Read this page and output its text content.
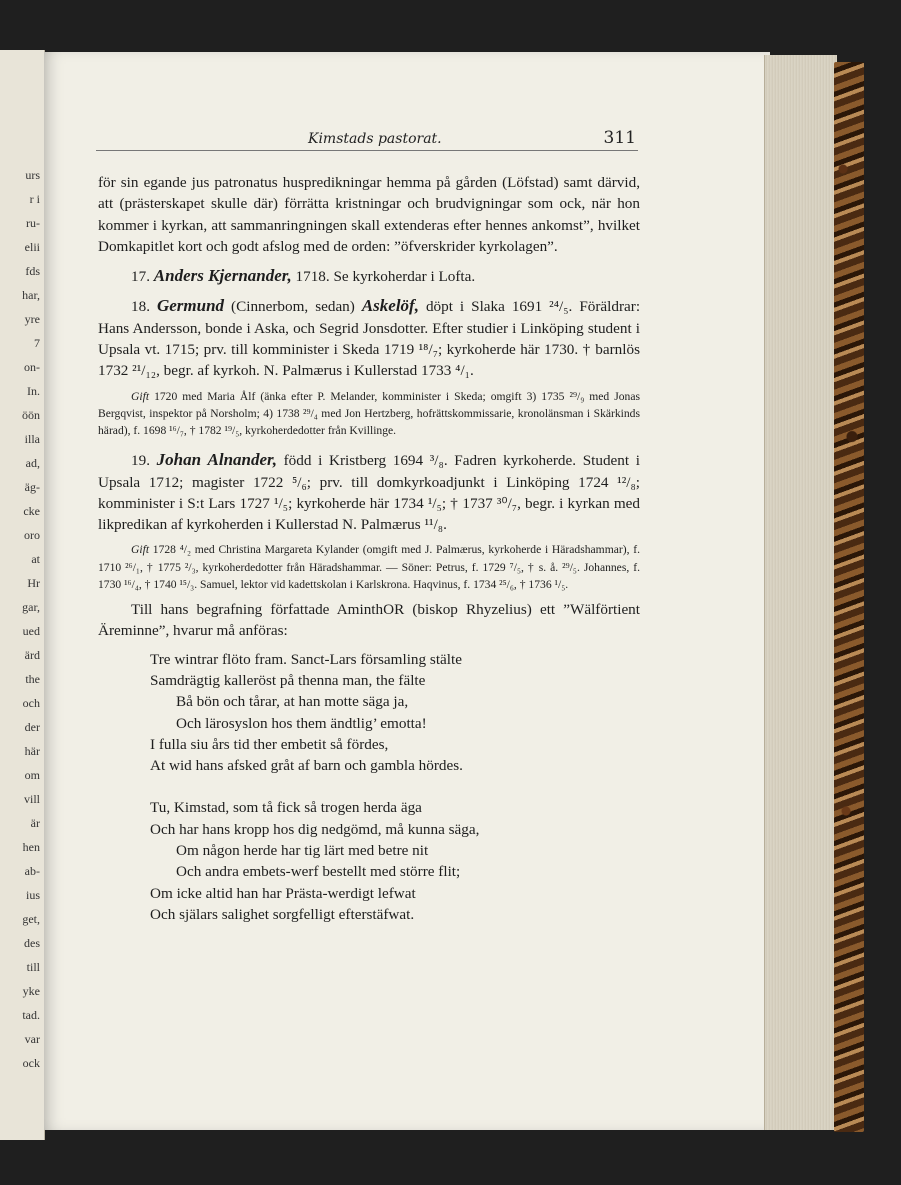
urs
r i
ru-
elii
fds
har,
yre
7
on-
In.
öön
illa
ad,
äg-
cke
oro
at
Hr
gar,
ued
ärd
the
och
der
här
om
vill
är
hen
ab-
ius
get,
des
till
yke
tad.
var
ock
Kimstads pastorat.	311

för sin egande jus patronatus huspredikningar hemma på gården (Löfstad) samt därvid, att (prästerskapet skulle där) förrätta kristningar och brudvigningar som ock, när hon kommer i kyrkan, att sammanringningen skall extenderas efter hennes ankomst”, hvilket Domkapitlet kort och godt afslog med de orden: ”öfverskrider kyrkolagen”.

17. Anders Kjernander, 1718. Se kyrkoherdar i Lofta.

18. Germund (Cinnerbom, sedan) Askelöf, döpt i Slaka 1691 ²⁴/₅. Föräldrar: Hans Andersson, bonde i Aska, och Segrid Jonsdotter. Efter studier i Linköping student i Upsala vt. 1715; prv. till komminister i Skeda 1719 ¹⁸/₇; kyrkoherde här 1730. † barnlös 1732 ²¹/₁₂, begr. af kyrkoh. N. Palmærus i Kullerstad 1733 ⁴/₁.

Gift 1720 med Maria Ålf (änka efter P. Melander, komminister i Skeda; omgift 3) 1735 ²⁹/₉ med Jonas Bergqvist, inspektor på Norsholm; 4) 1738 ²⁹/₄ med Jon Hertzberg, hofrättskommissarie, kronolänsman i Skärkinds härad), f. 1698 ¹⁶/₇, † 1782 ¹⁹/₅, kyrkoherdedotter från Kvillinge.

19. Johan Alnander, född i Kristberg 1694 ³/₈. Fadren kyrkoherde. Student i Upsala 1712; magister 1722 ⁵/₆; prv. till domkyrkoadjunkt i Linköping 1724 ¹²/₈; komminister i S:t Lars 1727 ¹/₅; kyrkoherde här 1734 ¹/₅; † 1737 ³⁰/₇, begr. i kyrkan med likpredikan af kyrkoherden i Kullerstad N. Palmærus ¹¹/₈.

Gift 1728 ⁴/₂ med Christina Margareta Kylander (omgift med J. Palmærus, kyrkoherde i Häradshammar), f. 1710 ²⁶/₁, † 1775 ²/₃, kyrkoherdedotter från Häradshammar. — Söner: Petrus, f. 1729 ⁷/₅, † s. å. ²⁹/₅. Johannes, f. 1730 ¹⁶/₄, † 1740 ¹⁵/₃. Samuel, lektor vid kadettskolan i Karlskrona. Haqvinus, f. 1734 ²⁵/₆, † 1736 ¹/₅.

Till hans begrafning författade AminthOR (biskop Rhyzelius) ett ”Wälförtient Äreminne”, hvarur må anföras:

Tre wintrar flöto fram. Sanct-Lars församling stälte
Samdrägtig kalleröst på thenna man, the fälte
Bå bön och tårar, at han motte säga ja,
Och lärosyslon hos them ändtlig’ emotta!
I fulla siu års tid ther embetit så fördes,
At wid hans afsked gråt af barn och gambla hördes.
Tu, Kimstad, som tå fick så trogen herda äga
Och har hans kropp hos dig nedgömd, må kunna säga,
Om någon herde har tig lärt med betre nit
Och andra embets-werf bestellt med större flit;
Om icke altid han har Prästa-werdigt lefwat
Och själars salighet sorgfelligt efterstäfwat.
